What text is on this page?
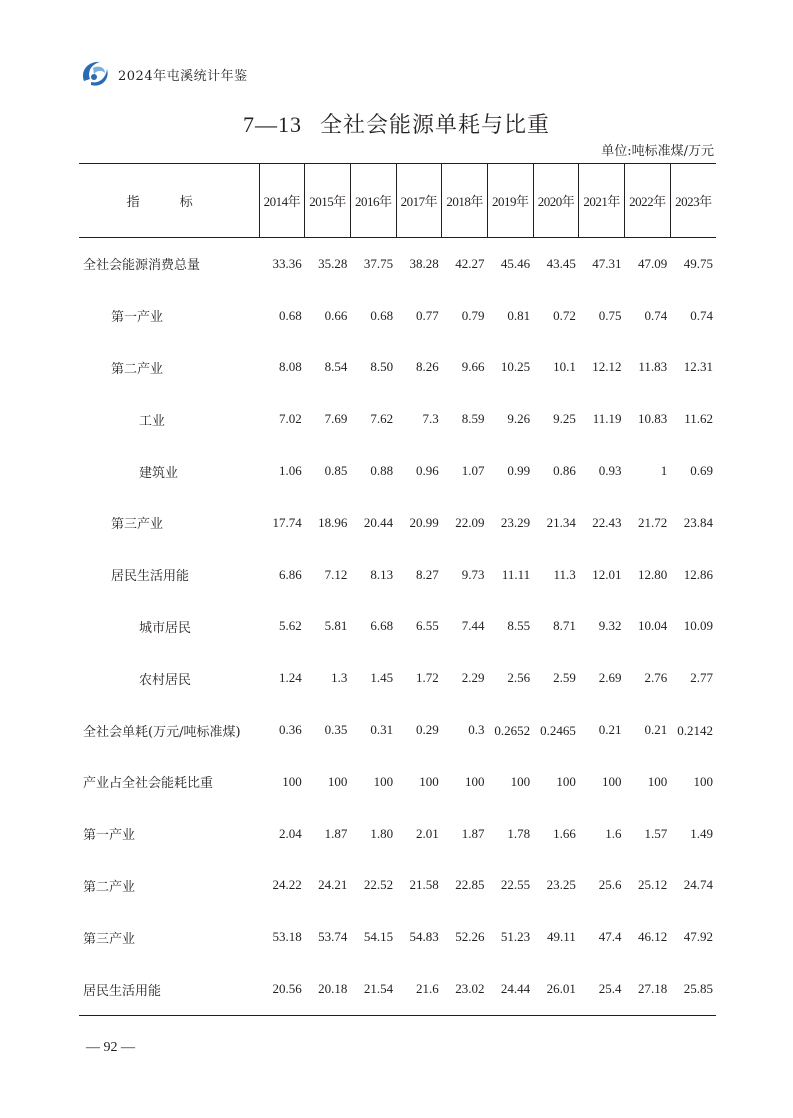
2024年屯溪统计年鉴
7—13 全社会能源单耗与比重
单位:吨标准煤/万元
指 标	2014年	2015年	2016年	2017年	2018年	2019年	2020年	2021年	2022年	2023年
全社会能源消费总量	33.36	35.28	37.75	38.28	42.27	45.46	43.45	47.31	47.09	49.75
第一产业	0.68	0.66	0.68	0.77	0.79	0.81	0.72	0.75	0.74	0.74
第二产业	8.08	8.54	8.50	8.26	9.66	10.25	10.1	12.12	11.83	12.31
工业	7.02	7.69	7.62	7.3	8.59	9.26	9.25	11.19	10.83	11.62
建筑业	1.06	0.85	0.88	0.96	1.07	0.99	0.86	0.93	1	0.69
第三产业	17.74	18.96	20.44	20.99	22.09	23.29	21.34	22.43	21.72	23.84
居民生活用能	6.86	7.12	8.13	8.27	9.73	11.11	11.3	12.01	12.80	12.86
城市居民	5.62	5.81	6.68	6.55	7.44	8.55	8.71	9.32	10.04	10.09
农村居民	1.24	1.3	1.45	1.72	2.29	2.56	2.59	2.69	2.76	2.77
全社会单耗(万元/吨标准煤)	0.36	0.35	0.31	0.29	0.3	0.2652	0.2465	0.21	0.21	0.2142
产业占全社会能耗比重	100	100	100	100	100	100	100	100	100	100
第一产业	2.04	1.87	1.80	2.01	1.87	1.78	1.66	1.6	1.57	1.49
第二产业	24.22	24.21	22.52	21.58	22.85	22.55	23.25	25.6	25.12	24.74
第三产业	53.18	53.74	54.15	54.83	52.26	51.23	49.11	47.4	46.12	47.92
居民生活用能	20.56	20.18	21.54	21.6	23.02	24.44	26.01	25.4	27.18	25.85
— 92 —
